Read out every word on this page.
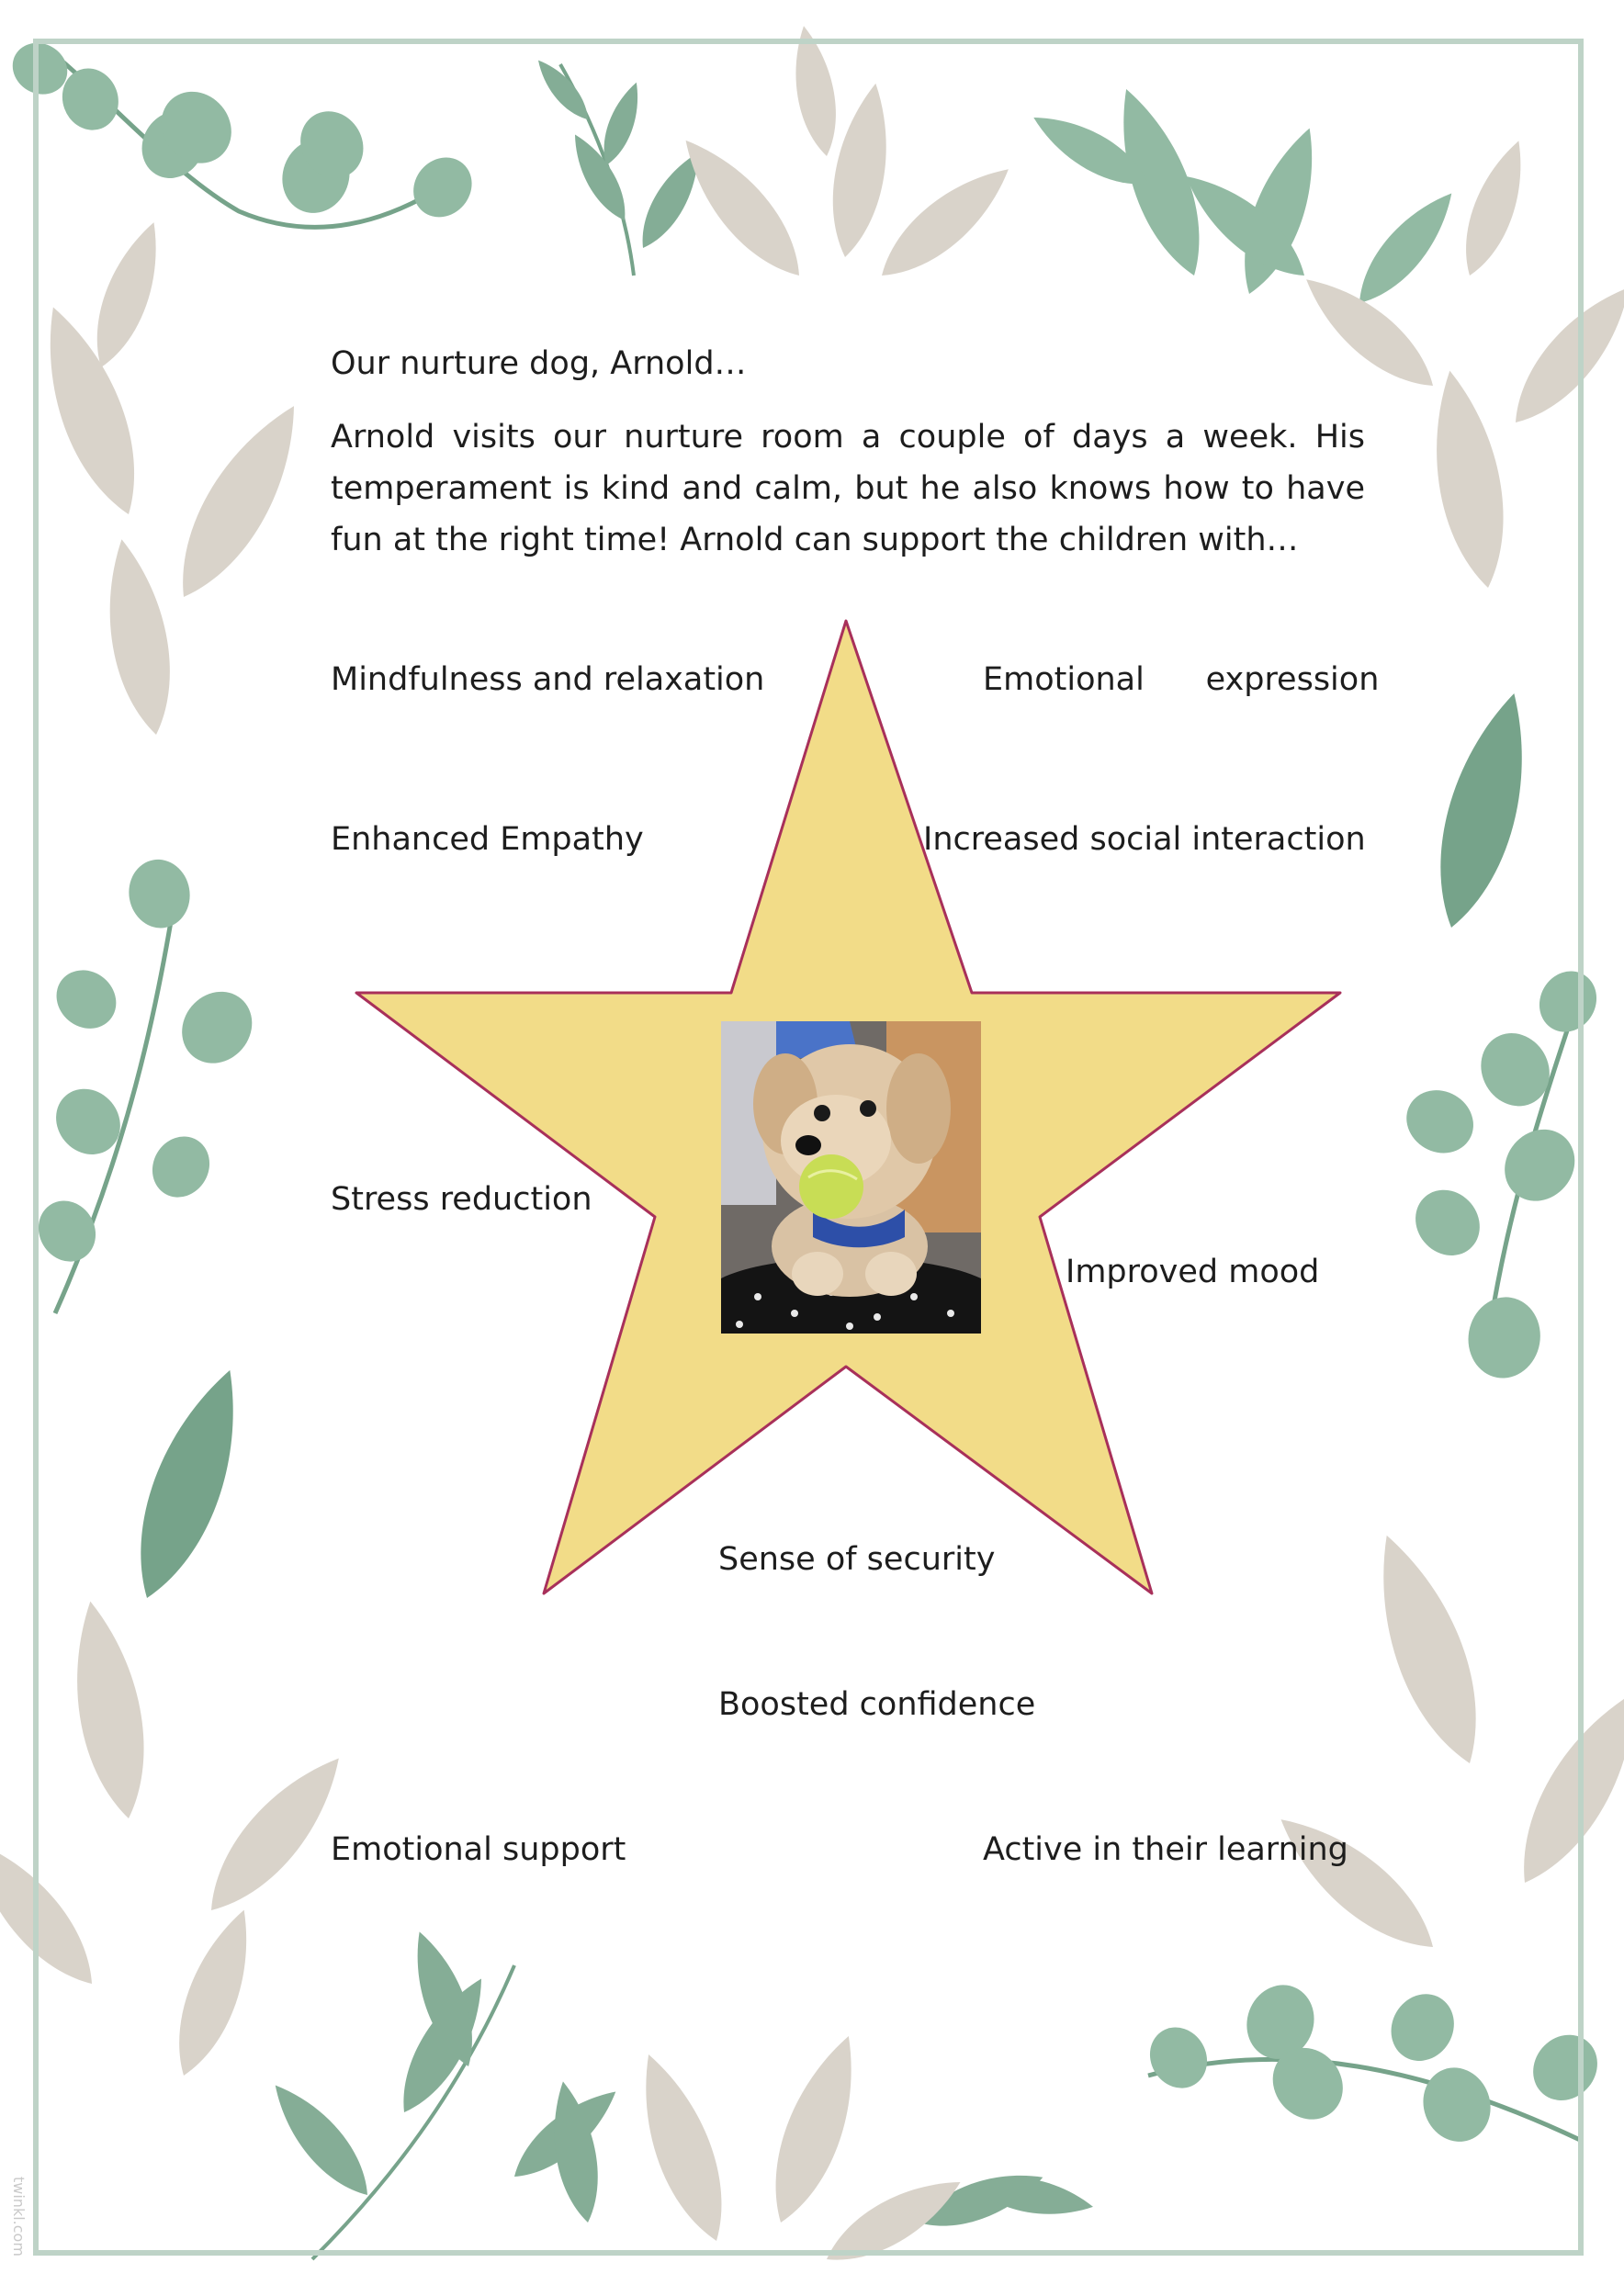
Our nurture dog, Arnold…
Arnold visits our nurture room a couple of days a week. His temperament is kind and calm, but he also knows how to have fun at the right time! Arnold can support the children with…
Mindfulness and relaxation	Emotional      expression
Enhanced Empathy	Increased social interaction
Stress reduction
Improved mood
Sense of security
Boosted confidence
Emotional support	Active in their learning
twinkl.com
